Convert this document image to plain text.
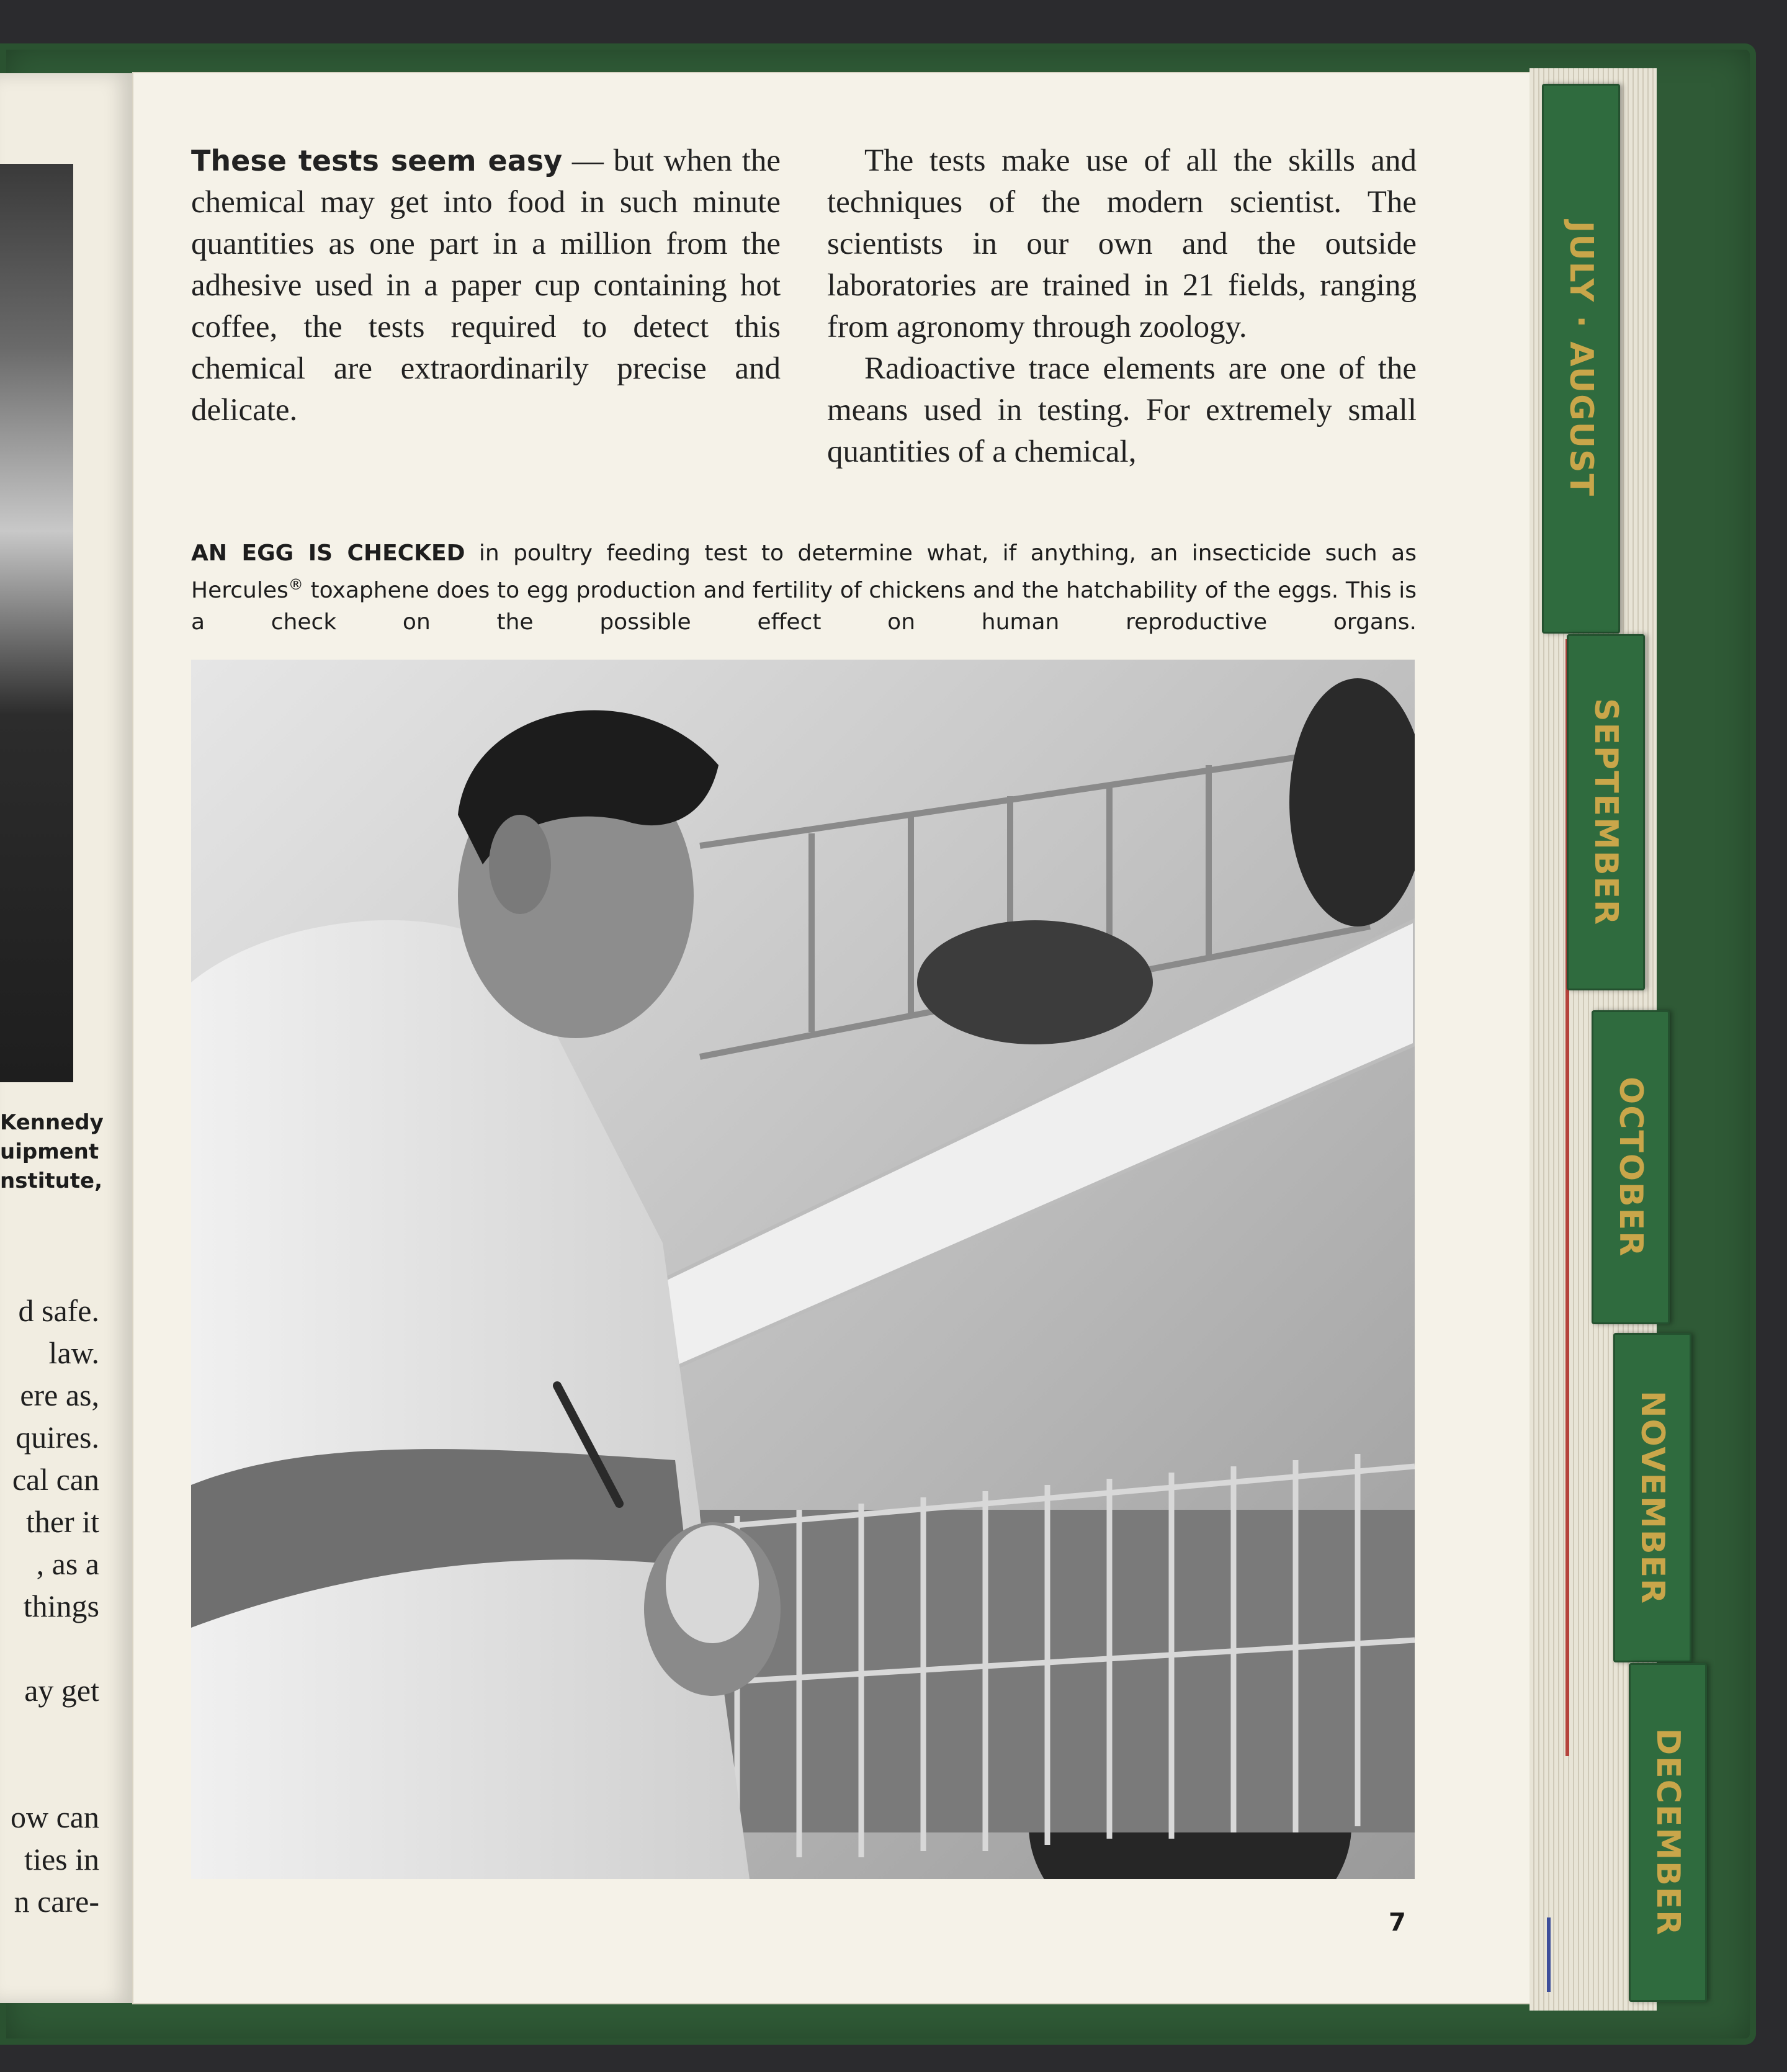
Kennedy
uipment
nstitute,
d safe.
law.
ere as,
quires.
cal can
ther it
, as a
things
ay get
ow can
ties in
n care-

These tests seem easy — but when the chemical may get into food in such minute quantities as one part in a million from the adhesive used in a paper cup containing hot coffee, the tests required to detect this chemical are extraordinarily precise and delicate.

The tests make use of all the skills and techniques of the modern scientist. The scientists in our own and the outside laboratories are trained in 21 fields, ranging from agronomy through zoology.

Radioactive trace elements are one of the means used in testing. For extremely small quantities of a chemical,

AN EGG IS CHECKED in poultry feeding test to determine what, if anything, an insecticide such as Hercules® toxaphene does to egg production and fertility of chickens and the hatchability of the eggs. This is a check on the possible effect on human reproductive organs.
7
JULY · AUGUST
SEPTEMBER
OCTOBER
NOVEMBER
DECEMBER
